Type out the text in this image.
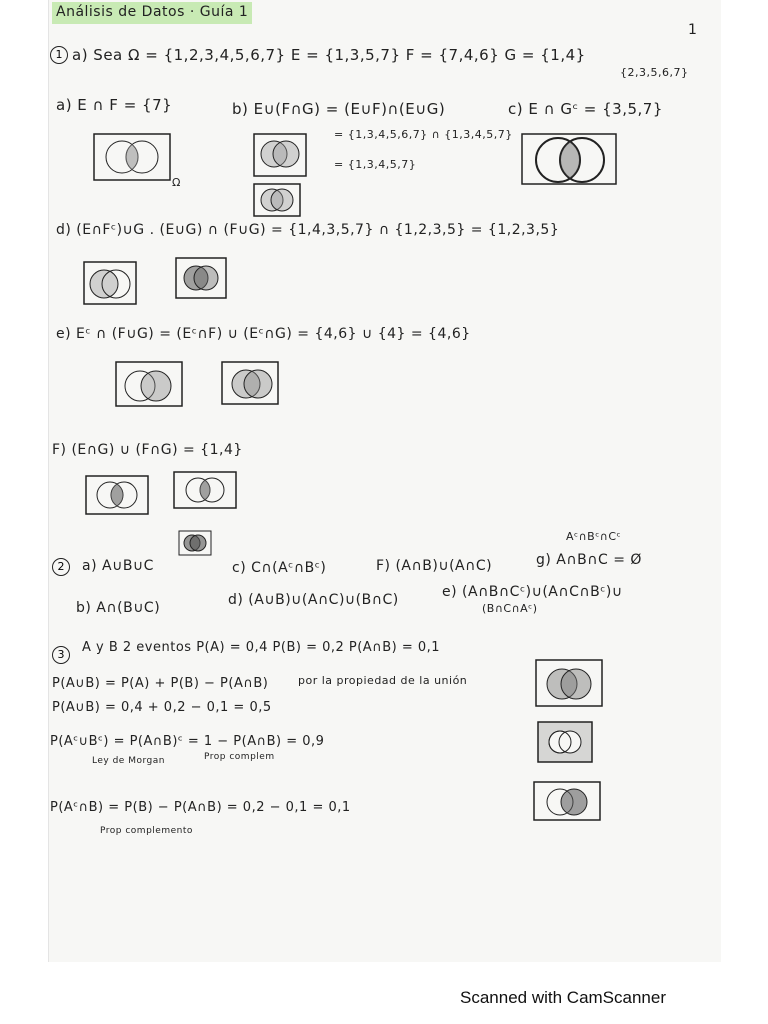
Análisis de Datos · Guía 1
1
1 a) Sea Ω = {1,2,3,4,5,6,7} E = {1,3,5,7} F = {7,4,6} G = {1,4}
{2,3,5,6,7}
a) E ∩ F = {7}	b) E∪(F∩G) = (E∪F)∩(E∪G)
= {1,3,4,5,6,7} ∩ {1,3,4,5,7}
= {1,3,4,5,7}
c) E ∩ Gᶜ = {3,5,7}
Ω
d) (E∩Fᶜ)∪G . (E∪G) ∩ (F∪G) = {1,4,3,5,7} ∩ {1,2,3,5} = {1,2,3,5}
e) Eᶜ ∩ (F∪G) = (Eᶜ∩F) ∪ (Eᶜ∩G) = {4,6} ∪ {4} = {4,6}
F) (E∩G) ∪ (F∩G) = {1,4}
2	a) A∪B∪C	c) C∩(Aᶜ∩Bᶜ)	F) (A∩B)∪(A∩C)
Aᶜ∩Bᶜ∩Cᶜ
g) A∩B∩C = Ø
b) A∩(B∪C)	d) (A∪B)∪(A∩C)∪(B∩C)	e) (A∩B∩Cᶜ)∪(A∩C∩Bᶜ)∪
(B∩C∩Aᶜ)
3	A y B 2 eventos P(A) = 0,4 P(B) = 0,2 P(A∩B) = 0,1
P(A∪B) = P(A) + P(B) − P(A∩B)	por la propiedad de la unión
P(A∪B) = 0,4 + 0,2 − 0,1 = 0,5
P(Aᶜ∪Bᶜ) = P(A∩B)ᶜ = 1 − P(A∩B) = 0,9
Ley de Morgan	Prop complem
P(Aᶜ∩B) = P(B) − P(A∩B) = 0,2 − 0,1 = 0,1
Prop complemento
Scanned with CamScanner
